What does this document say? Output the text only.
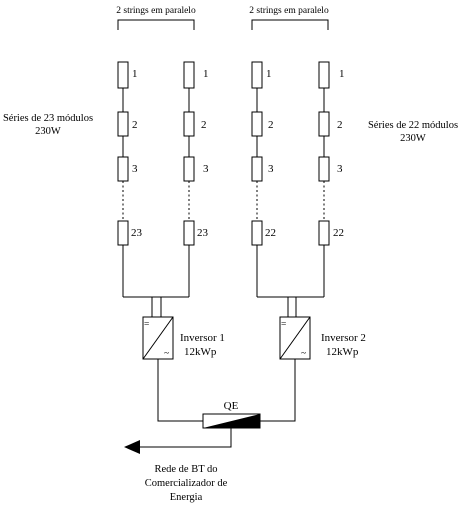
2 strings em paralelo	2 strings em paralelo
Séries de 23 módulos
230W
Séries de 22 módulos
230W
1
2
3
23
1
2
3
23
1
2
3
22
1
2
3
22
=
~
Inversor 1
12kWp
=
~
Inversor 2
12kWp
QE
Rede de BT do
Comercializador de
Energia
